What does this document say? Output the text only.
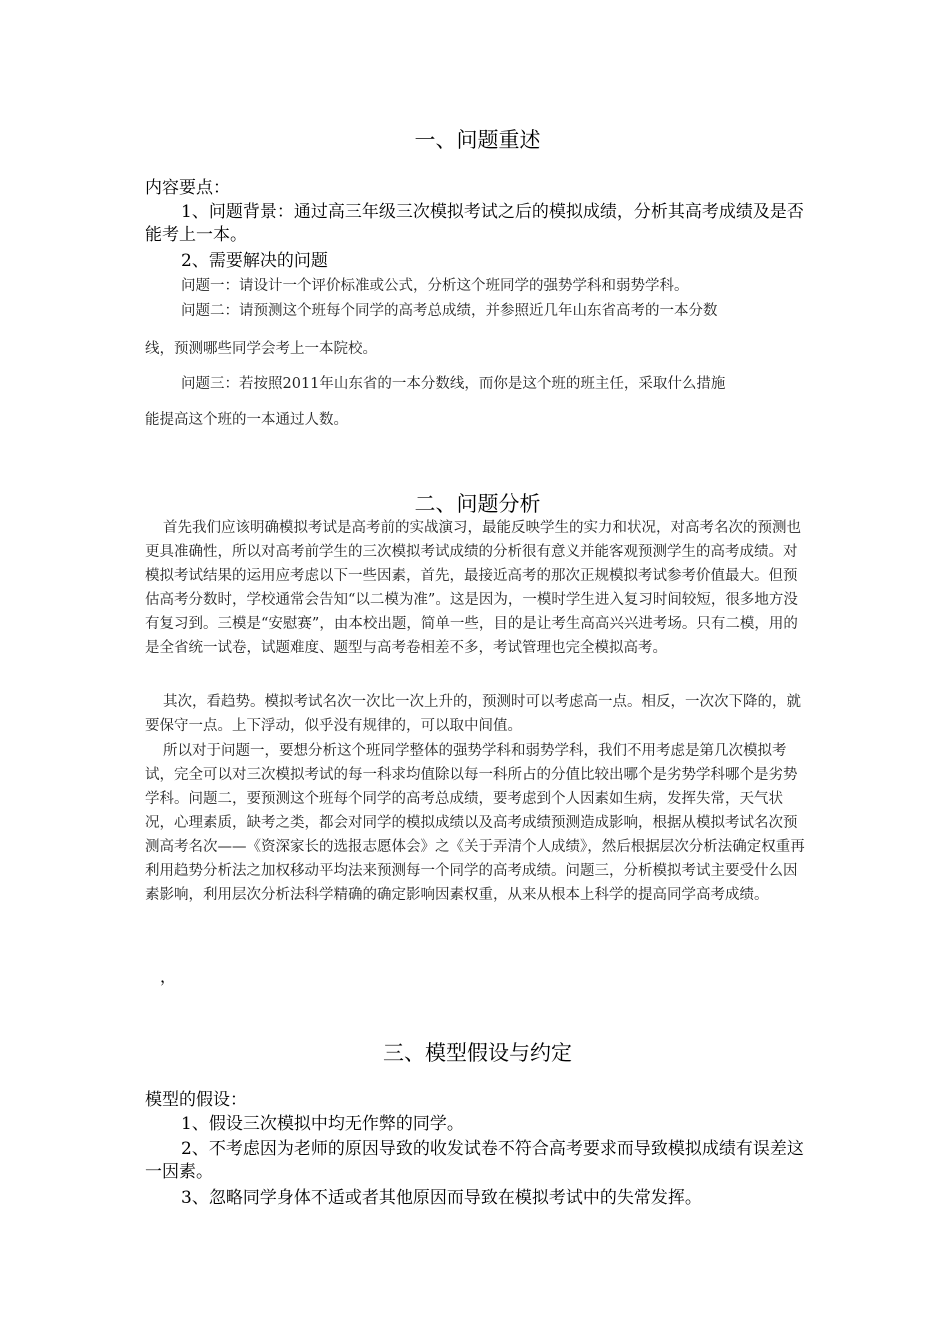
一、问题重述

内容要点：

1、问题背景：通过高三年级三次模拟考试之后的模拟成绩，分析其高考成绩及是否能考上一本。

2、需要解决的问题

问题一：请设计一个评价标准或公式，分析这个班同学的强势学科和弱势学科。

问题二：请预测这个班每个同学的高考总成绩，并参照近几年山东省高考的一本分数

线，预测哪些同学会考上一本院校。

问题三：若按照2011年山东省的一本分数线，而你是这个班的班主任，采取什么措施

能提高这个班的一本通过人数。

二、问题分析

首先我们应该明确模拟考试是高考前的实战演习，最能反映学生的实力和状况，对高考名次的预测也更具准确性，所以对高考前学生的三次模拟考试成绩的分析很有意义并能客观预测学生的高考成绩。对模拟考试结果的运用应考虑以下一些因素，首先，最接近高考的那次正规模拟考试参考价值最大。但预估高考分数时，学校通常会告知“以二模为准”。这是因为，一模时学生进入复习时间较短，很多地方没有复习到。三模是“安慰赛”，由本校出题，简单一些，目的是让考生高高兴兴进考场。只有二模，用的是全省统一试卷，试题难度、题型与高考卷相差不多，考试管理也完全模拟高考。

其次，看趋势。模拟考试名次一次比一次上升的，预测时可以考虑高一点。相反，一次次下降的，就要保守一点。上下浮动，似乎没有规律的，可以取中间值。

所以对于问题一，要想分析这个班同学整体的强势学科和弱势学科，我们不用考虑是第几次模拟考试，完全可以对三次模拟考试的每一科求均值除以每一科所占的分值比较出哪个是劣势学科哪个是劣势学科。问题二，要预测这个班每个同学的高考总成绩，要考虑到个人因素如生病，发挥失常，天气状况，心理素质，缺考之类，都会对同学的模拟成绩以及高考成绩预测造成影响，根据从模拟考试名次预测高考名次——《资深家长的选报志愿体会》之《关于弄清个人成绩》，然后根据层次分析法确定权重再利用趋势分析法之加权移动平均法来预测每一个同学的高考成绩。问题三，分析模拟考试主要受什么因素影响，利用层次分析法科学精确的确定影响因素权重，从来从根本上科学的提高同学高考成绩。

，
三、模型假设与约定

模型的假设：

1、假设三次模拟中均无作弊的同学。

2、不考虑因为老师的原因导致的收发试卷不符合高考要求而导致模拟成绩有误差这一因素。

3、忽略同学身体不适或者其他原因而导致在模拟考试中的失常发挥。
